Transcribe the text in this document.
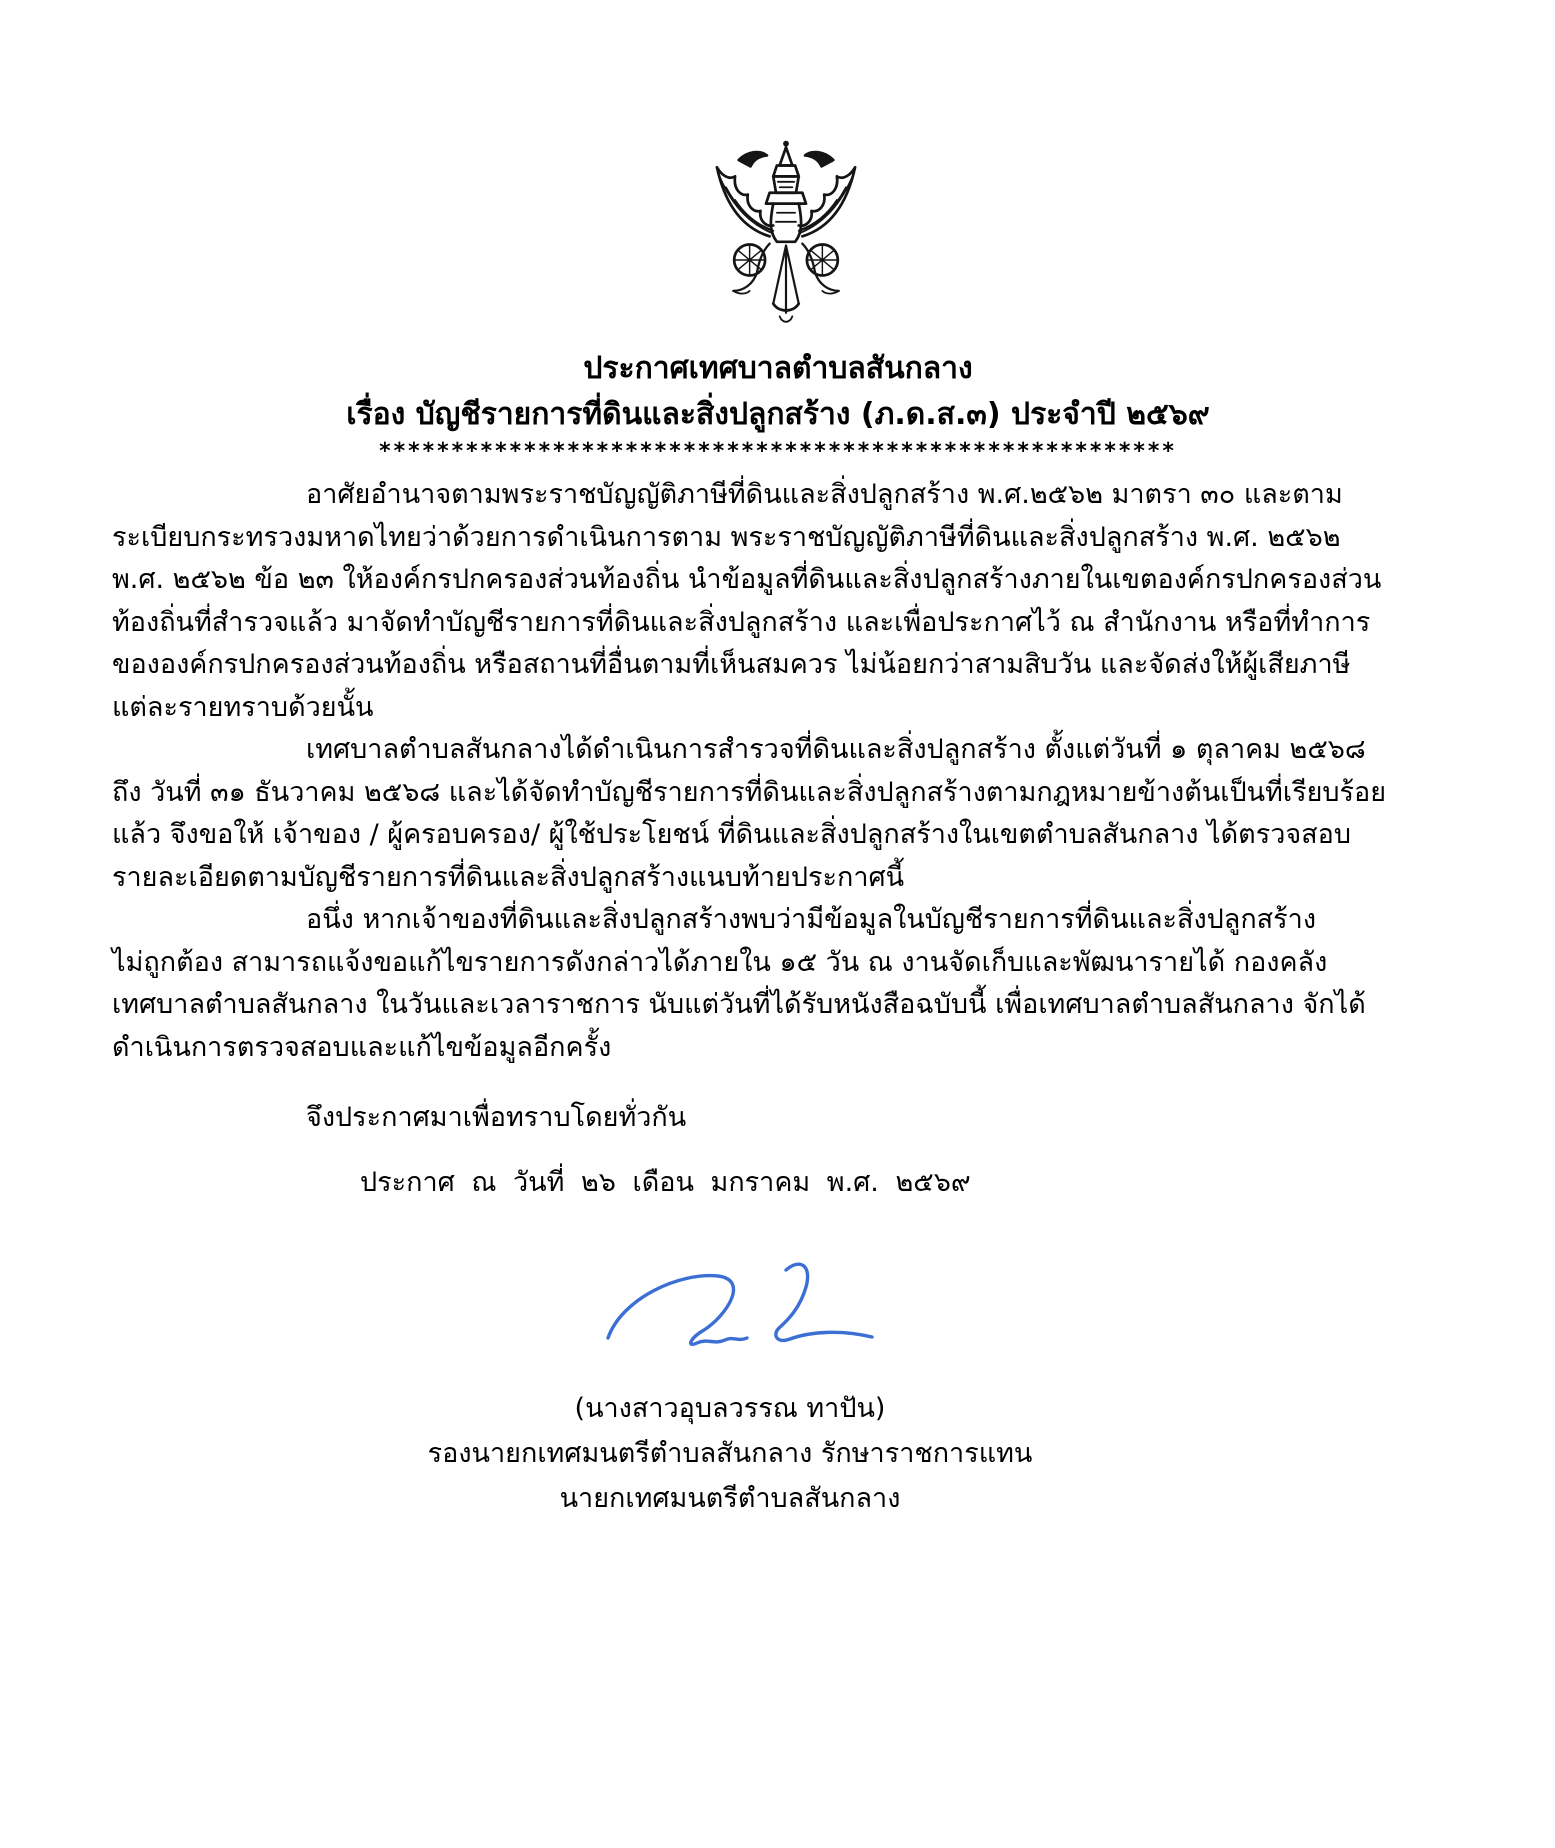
ประกาศเทศบาลตำบลสันกลาง
เรื่อง บัญชีรายการที่ดินและสิ่งปลูกสร้าง (ภ.ด.ส.๓) ประจำปี ๒๕๖๙
*******************************************************

อาศัยอำนาจตามพระราชบัญญัติภาษีที่ดินและสิ่งปลูกสร้าง พ.ศ.๒๕๖๒ มาตรา ๓๐ และตาม
ระเบียบกระทรวงมหาดไทยว่าด้วยการดำเนินการตาม พระราชบัญญัติภาษีที่ดินและสิ่งปลูกสร้าง พ.ศ. ๒๕๖๒
พ.ศ. ๒๕๖๒ ข้อ ๒๓ ให้องค์กรปกครองส่วนท้องถิ่น นำข้อมูลที่ดินและสิ่งปลูกสร้างภายในเขตองค์กรปกครองส่วน
ท้องถิ่นที่สำรวจแล้ว มาจัดทำบัญชีรายการที่ดินและสิ่งปลูกสร้าง และเพื่อประกาศไว้ ณ สำนักงาน หรือที่ทำการ
ขององค์กรปกครองส่วนท้องถิ่น หรือสถานที่อื่นตามที่เห็นสมควร ไม่น้อยกว่าสามสิบวัน และจัดส่งให้ผู้เสียภาษี
แต่ละรายทราบด้วยนั้น

เทศบาลตำบลสันกลางได้ดำเนินการสำรวจที่ดินและสิ่งปลูกสร้าง ตั้งแต่วันที่ ๑ ตุลาคม ๒๕๖๘
ถึง วันที่ ๓๑ ธันวาคม ๒๕๖๘ และได้จัดทำบัญชีรายการที่ดินและสิ่งปลูกสร้างตามกฎหมายข้างต้นเป็นที่เรียบร้อย
แล้ว จึงขอให้ เจ้าของ / ผู้ครอบครอง/ ผู้ใช้ประโยชน์ ที่ดินและสิ่งปลูกสร้างในเขตตำบลสันกลาง ได้ตรวจสอบ
รายละเอียดตามบัญชีรายการที่ดินและสิ่งปลูกสร้างแนบท้ายประกาศนี้

อนึ่ง หากเจ้าของที่ดินและสิ่งปลูกสร้างพบว่ามีข้อมูลในบัญชีรายการที่ดินและสิ่งปลูกสร้าง
ไม่ถูกต้อง สามารถแจ้งขอแก้ไขรายการดังกล่าวได้ภายใน ๑๕ วัน ณ งานจัดเก็บและพัฒนารายได้ กองคลัง
เทศบาลตำบลสันกลาง ในวันและเวลาราชการ นับแต่วันที่ได้รับหนังสือฉบับนี้ เพื่อเทศบาลตำบลสันกลาง จักได้
ดำเนินการตรวจสอบและแก้ไขข้อมูลอีกครั้ง

จึงประกาศมาเพื่อทราบโดยทั่วกัน
ประกาศ ณ วันที่ ๒๖ เดือน มกราคม พ.ศ. ๒๕๖๙
(นางสาวอุบลวรรณ ทาปัน)
รองนายกเทศมนตรีตำบลสันกลาง รักษาราชการแทน
นายกเทศมนตรีตำบลสันกลาง
